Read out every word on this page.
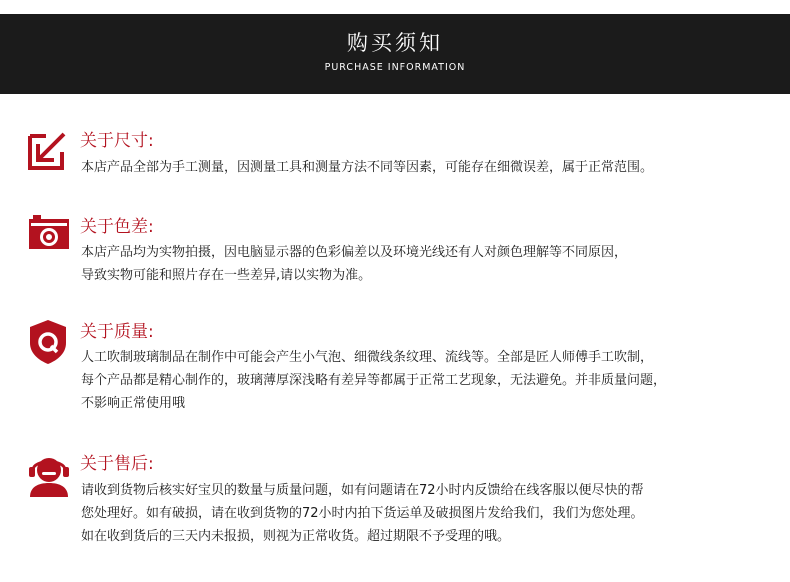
购买须知
PURCHASE INFORMATION
关于尺寸:

本店产品全部为手工测量，因测量工具和测量方法不同等因素，可能存在细微误差，属于正常范围。

关于色差:

本店产品均为实物拍摄，因电脑显示器的色彩偏差以及环境光线还有人对颜色理解等不同原因，

导致实物可能和照片存在一些差异,请以实物为准。

关于质量:

人工吹制玻璃制品在制作中可能会产生小气泡、细微线条纹理、流线等。全部是匠人师傅手工吹制，

每个产品都是精心制作的，玻璃薄厚深浅略有差异等都属于正常工艺现象，无法避免。并非质量问题，

不影响正常使用哦

关于售后:

请收到货物后核实好宝贝的数量与质量问题，如有问题请在72小时内反馈给在线客服以便尽快的帮

您处理好。如有破损，请在收到货物的72小时内拍下货运单及破损图片发给我们，我们为您处理。

如在收到货后的三天内未报损，则视为正常收货。超过期限不予受理的哦。
